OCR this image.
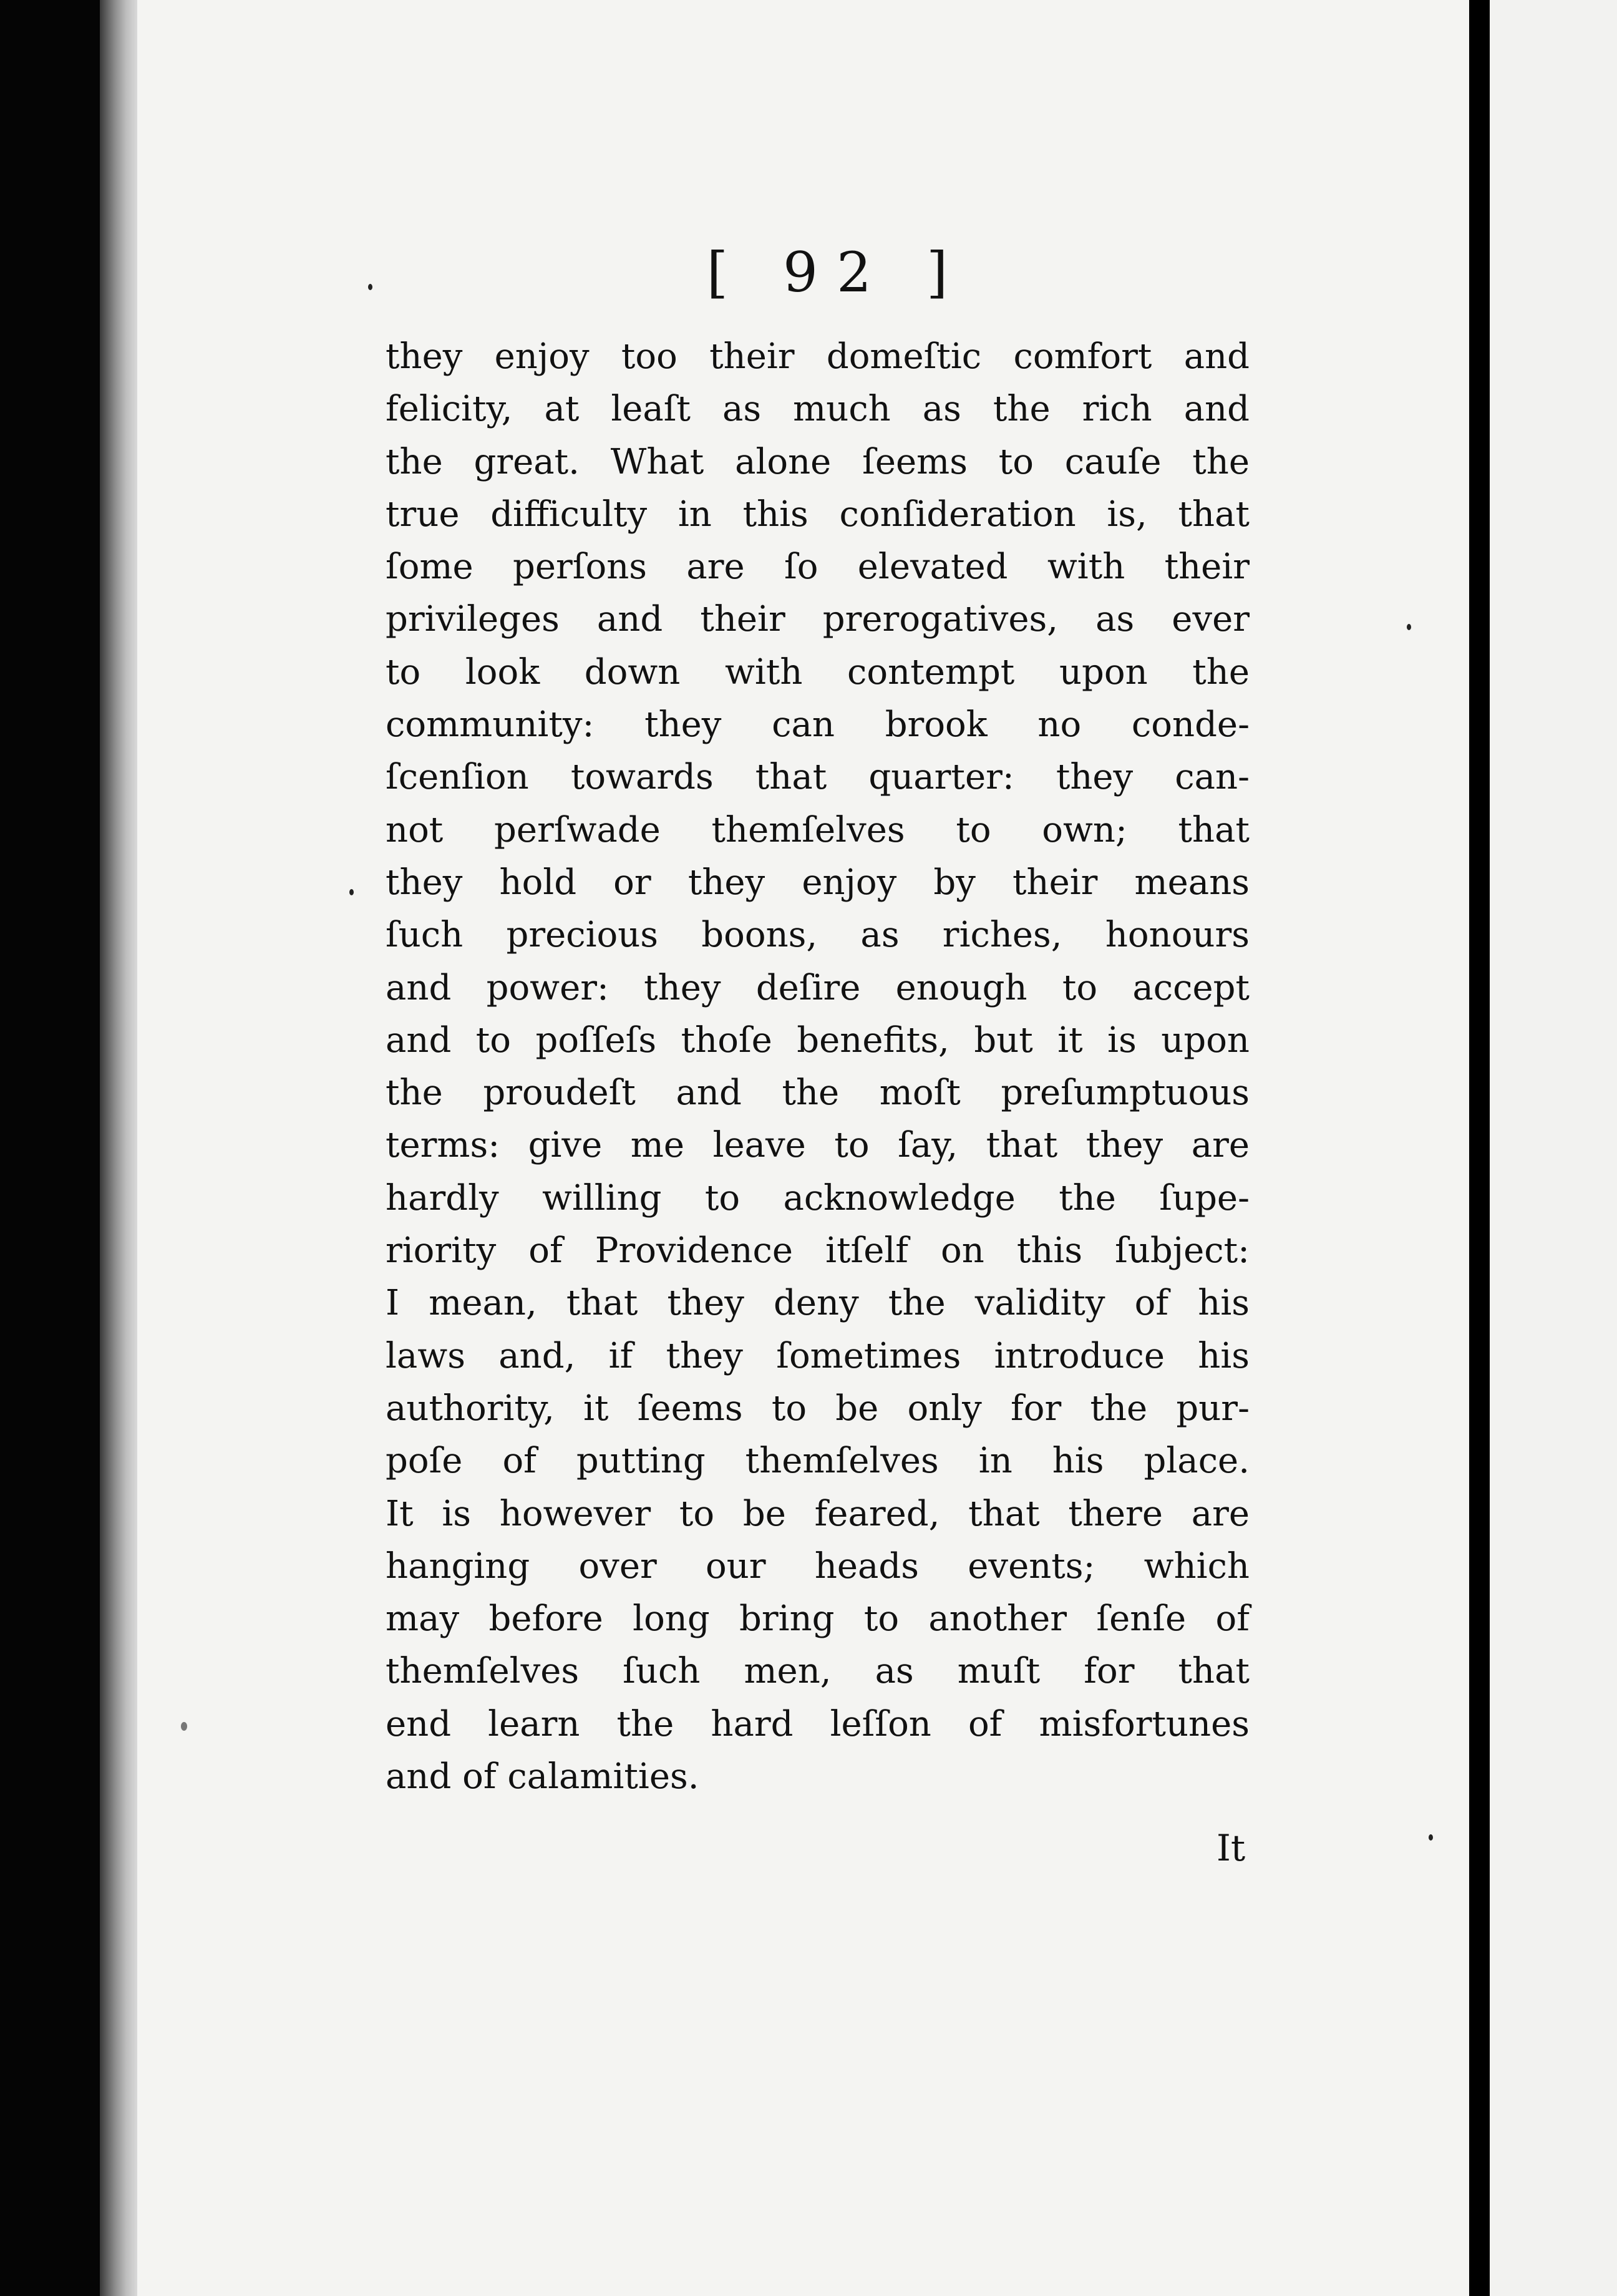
[ 92 ]
they enjoy too their domeſtic comfort and
felicity, at leaſt as much as the rich and
the great. What alone ſeems to cauſe the
true difficulty in this conſideration is, that
ſome perſons are ſo elevated with their
privileges and their prerogatives, as ever
to look down with contempt upon the
community: they can brook no conde-
ſcenſion towards that quarter: they can-
not perſwade themſelves to own; that
they hold or they enjoy by their means
ſuch precious boons, as riches, honours
and power: they deſire enough to accept
and to poſſeſs thoſe benefits, but it is upon
the proudeſt and the moſt preſumptuous
terms: give me leave to ſay, that they are
hardly willing to acknowledge the ſupe-
riority of Providence itſelf on this ſubject:
I mean, that they deny the validity of his
laws and, if they ſometimes introduce his
authority, it ſeems to be only for the pur-
poſe of putting themſelves in his place.
It is however to be feared, that there are
hanging over our heads events; which
may before long bring to another ſenſe of
themſelves ſuch men, as muſt for that
end learn the hard leſſon of misfortunes
and of calamities.
It
